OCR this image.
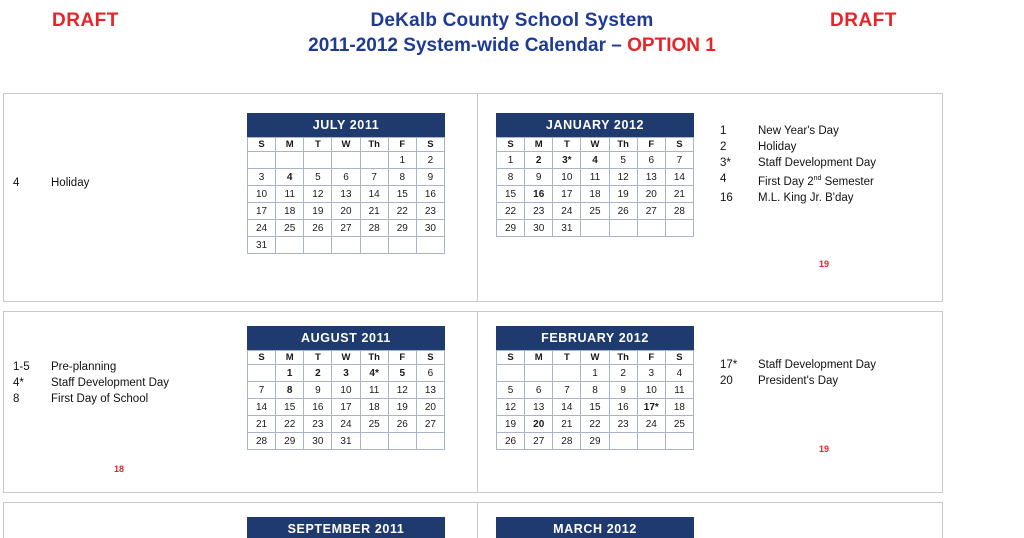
DRAFT	DRAFT
DeKalb County School System
2011-2012 System-wide Calendar – OPTION 1
4	Holiday
JULY 2011
S	M	T	W	Th	F	S
					1	2
3	4	5	6	7	8	9
10	11	12	13	14	15	16
17	18	19	20	21	22	23
24	25	26	27	28	29	30
31						
1	New Year's Day
2	Holiday
3* Staff Development Day
4	First Day 2nd Semester
16 M.L. King Jr. B'day
19
JANUARY 2012
S	M	T	W	Th	F	S
1	2	3*	4	5	6	7
8	9	10	11	12	13	14
15	16	17	18	19	20	21
22	23	24	25	26	27	28
29	30	31				
1-5 Pre-planning
4* Staff Development Day
8	First Day of School
18
AUGUST 2011
S	M	T	W	Th	F	S
	1	2	3	4*	5	6
7	8	9	10	11	12	13
14	15	16	17	18	19	20
21	22	23	24	25	26	27
28	29	30	31			
17* Staff Development Day
20 President's Day
19
FEBRUARY 2012
S	M	T	W	Th	F	S
			1	2	3	4
5	6	7	8	9	10	11
12	13	14	15	16	17*	18
19	20	21	22	23	24	25
26	27	28	29			
SEPTEMBER 2011	MARCH 2012
